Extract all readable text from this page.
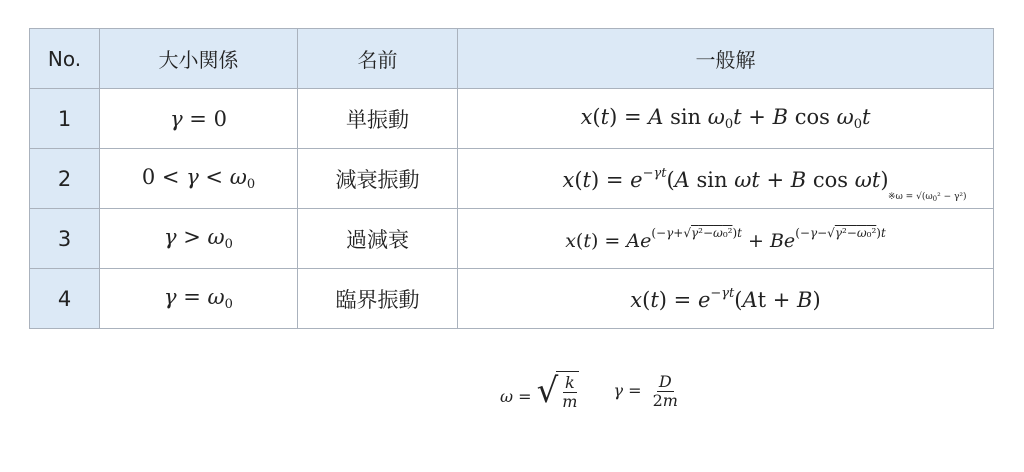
No.	大小関係	名前	一般解
1	γ = 0	単振動	x(t) = A $\sin \omega_0t + B$ $\cos \omega_0t$
2	$0 < \gamma < \omega_0$	減衰振動	$x(t) = e^{-\gamma t}(A$ sin ωt + B cos ωt)
※ω = $√(\omega_0^2 - \gamma^2)$

3	$\gamma > \omega_0$	過減衰	$x(t) = Ae^{(-\gamma+√\gamma^2-\omega_0^2)t} + Be^{(-\gamma-√\gamma^2-\omega_0^2)t}$
4	$\gamma = \omega_0$	臨界振動	$x(t) = e^{-\gamma t}(At + B)$
ω = √ $\frac{k}{m}$ $\gamma = \frac{D}{2m}$
